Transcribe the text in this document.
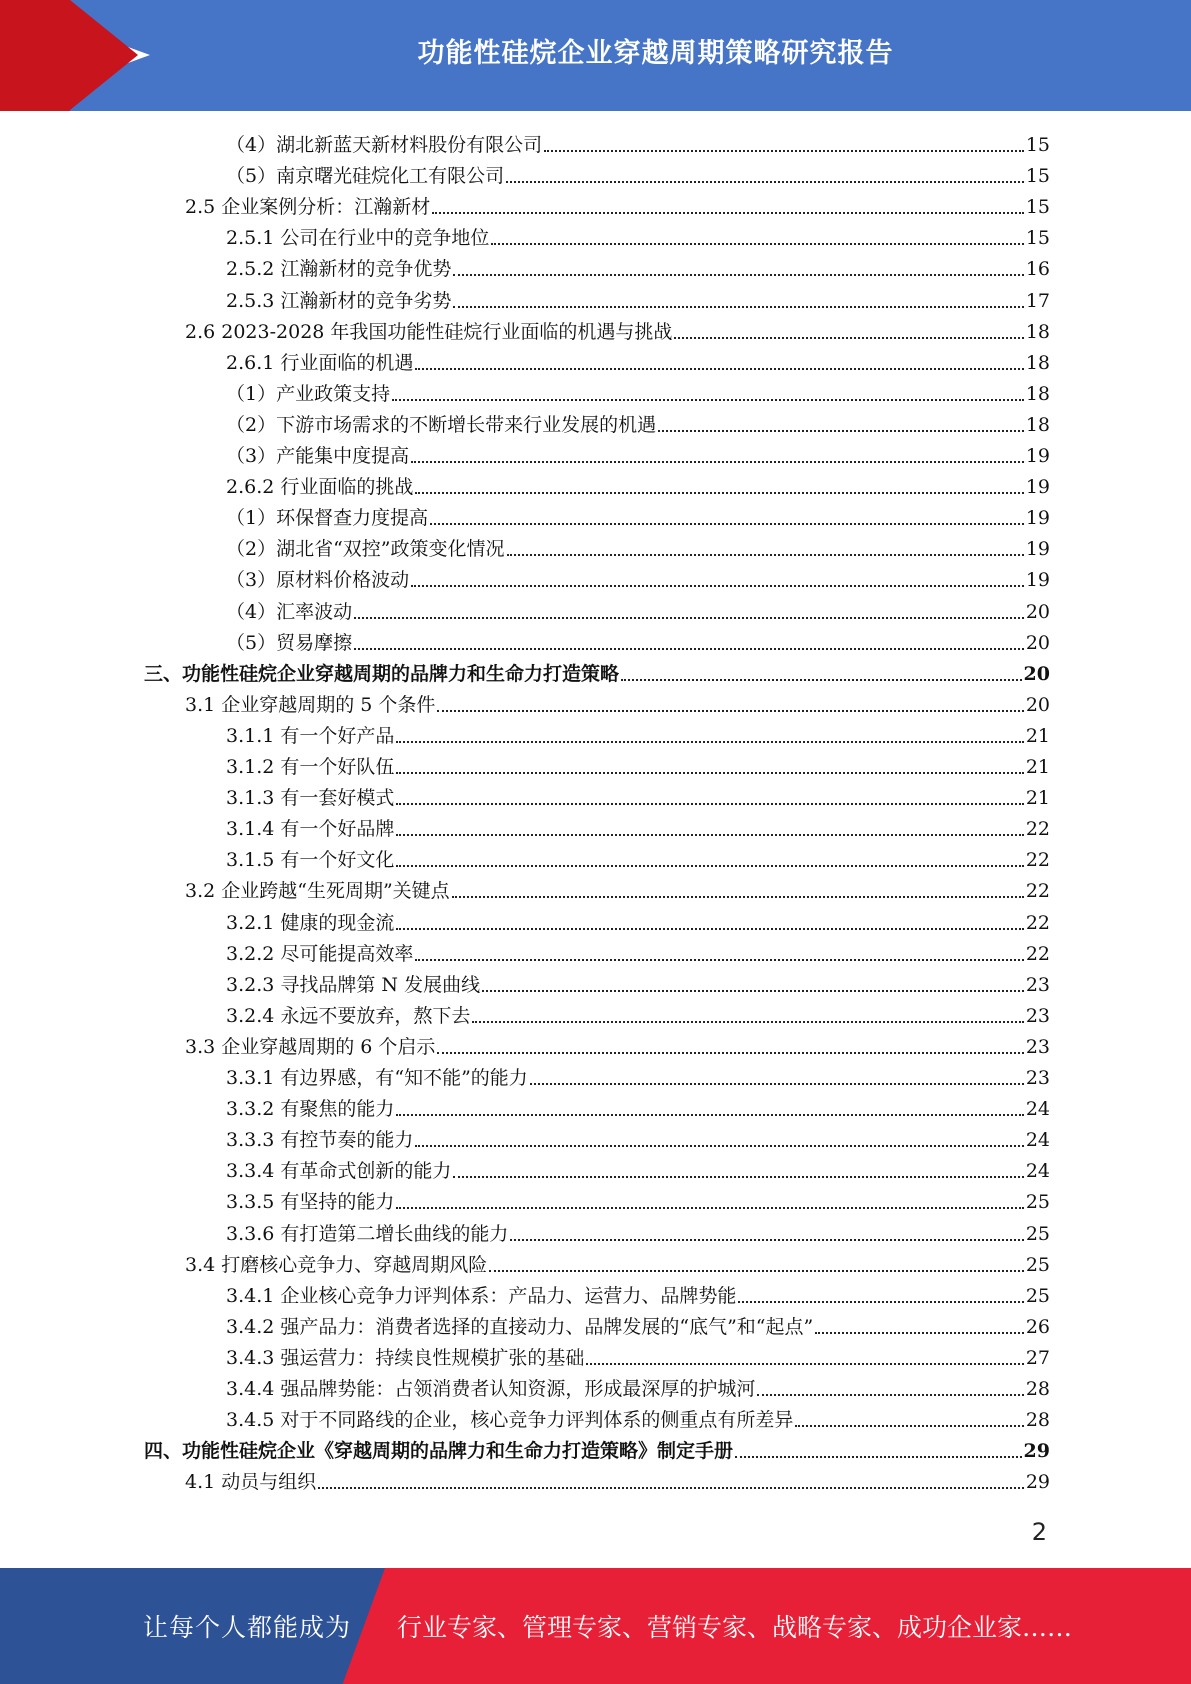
功能性硅烷企业穿越周期策略研究报告
（4）湖北新蓝天新材料股份有限公司	15
（5）南京曙光硅烷化工有限公司	15
2.5 企业案例分析：江瀚新材	15
2.5.1 公司在行业中的竞争地位	15
2.5.2 江瀚新材的竞争优势	16
2.5.3 江瀚新材的竞争劣势	17
2.6 2023-2028 年我国功能性硅烷行业面临的机遇与挑战	18
2.6.1 行业面临的机遇	18
（1）产业政策支持	18
（2）下游市场需求的不断增长带来行业发展的机遇	18
（3）产能集中度提高	19
2.6.2 行业面临的挑战	19
（1）环保督查力度提高	19
（2）湖北省“双控”政策变化情况	19
（3）原材料价格波动	19
（4）汇率波动	20
（5）贸易摩擦	20
三、功能性硅烷企业穿越周期的品牌力和生命力打造策略	20
3.1 企业穿越周期的 5 个条件	20
3.1.1 有一个好产品	21
3.1.2 有一个好队伍	21
3.1.3 有一套好模式	21
3.1.4 有一个好品牌	22
3.1.5 有一个好文化	22
3.2 企业跨越“生死周期”关键点	22
3.2.1 健康的现金流	22
3.2.2 尽可能提高效率	22
3.2.3 寻找品牌第 N 发展曲线	23
3.2.4 永远不要放弃，熬下去	23
3.3 企业穿越周期的 6 个启示	23
3.3.1 有边界感，有“知不能”的能力	23
3.3.2 有聚焦的能力	24
3.3.3 有控节奏的能力	24
3.3.4 有革命式创新的能力	24
3.3.5 有坚持的能力	25
3.3.6 有打造第二增长曲线的能力	25
3.4 打磨核心竞争力、穿越周期风险	25
3.4.1 企业核心竞争力评判体系：产品力、运营力、品牌势能	25
3.4.2 强产品力：消费者选择的直接动力、品牌发展的“底气”和“起点”	26
3.4.3 强运营力：持续良性规模扩张的基础	27
3.4.4 强品牌势能：占领消费者认知资源，形成最深厚的护城河	28
3.4.5 对于不同路线的企业，核心竞争力评判体系的侧重点有所差异	28
四、功能性硅烷企业《穿越周期的品牌力和生命力打造策略》制定手册	29
4.1 动员与组织	29
2
让每个人都能成为 行业专家、管理专家、营销专家、战略专家、成功企业家……
